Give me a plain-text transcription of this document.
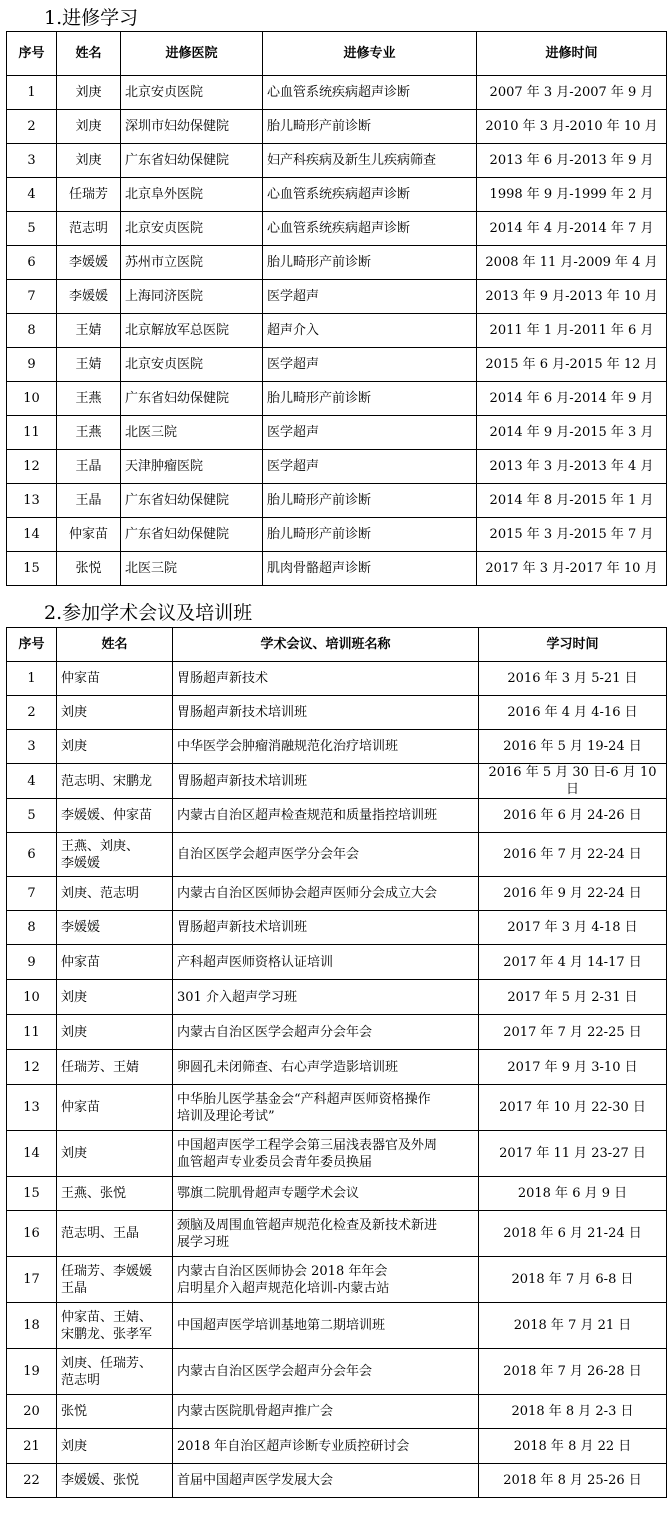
1.进修学习
序号	姓名	进修医院	进修专业	进修时间

1	刘庚	北京安贞医院	心血管系统疾病超声诊断	2007 年 3 月-2007 年 9 月

2	刘庚	深圳市妇幼保健院	胎儿畸形产前诊断	2010 年 3 月-2010 年 10 月

3	刘庚	广东省妇幼保健院	妇产科疾病及新生儿疾病筛查	2013 年 6 月-2013 年 9 月

4	任瑞芳	北京阜外医院	心血管系统疾病超声诊断	1998 年 9 月-1999 年 2 月

5	范志明	北京安贞医院	心血管系统疾病超声诊断	2014 年 4 月-2014 年 7 月

6	李媛媛	苏州市立医院	胎儿畸形产前诊断	2008 年 11 月-2009 年 4 月

7	李媛媛	上海同济医院	医学超声	2013 年 9 月-2013 年 10 月

8	王婧	北京解放军总医院	超声介入	2011 年 1 月-2011 年 6 月

9	王婧	北京安贞医院	医学超声	2015 年 6 月-2015 年 12 月

10	王燕	广东省妇幼保健院	胎儿畸形产前诊断	2014 年 6 月-2014 年 9 月

11	王燕	北医三院	医学超声	2014 年 9 月-2015 年 3 月

12	王晶	天津肿瘤医院	医学超声	2013 年 3 月-2013 年 4 月

13	王晶	广东省妇幼保健院	胎儿畸形产前诊断	2014 年 8 月-2015 年 1 月

14	仲家苗	广东省妇幼保健院	胎儿畸形产前诊断	2015 年 3 月-2015 年 7 月

15	张悦	北医三院	肌肉骨骼超声诊断	2017 年 3 月-2017 年 10 月
2.参加学术会议及培训班
序号	姓名	学术会议、培训班名称	学习时间

1	仲家苗	胃肠超声新技术	2016 年 3 月 5-21 日

2	刘庚	胃肠超声新技术培训班	2016 年 4 月 4-16 日

3	刘庚	中华医学会肿瘤消融规范化治疗培训班	2016 年 5 月 19-24 日

4	范志明、宋鹏龙	胃肠超声新技术培训班	2016 年 5 月 30 日-6 月 10 日

5	李媛媛、仲家苗	内蒙古自治区超声检查规范和质量指控培训班	2016 年 6 月 24-26 日

6	王燕、刘庚、
李媛媛	自治区医学会超声医学分会年会	2016 年 7 月 22-24 日

7	刘庚、范志明	内蒙古自治区医师协会超声医师分会成立大会	2016 年 9 月 22-24 日

8	李媛媛	胃肠超声新技术培训班	2017 年 3 月 4-18 日

9	仲家苗	产科超声医师资格认证培训	2017 年 4 月 14-17 日

10	刘庚	301 介入超声学习班	2017 年 5 月 2-31 日

11	刘庚	内蒙古自治区医学会超声分会年会	2017 年 7 月 22-25 日

12	任瑞芳、王婧	卵圆孔未闭筛查、右心声学造影培训班	2017 年 9 月 3-10 日

13	仲家苗	中华胎儿医学基金会“产科超声医师资格操作
培训及理论考试”	2017 年 10 月 22-30 日

14	刘庚	中国超声医学工程学会第三届浅表器官及外周
血管超声专业委员会青年委员换届	2017 年 11 月 23-27 日

15	王燕、张悦	鄂旗二院肌骨超声专题学术会议	2018 年 6 月 9 日

16	范志明、王晶	颈脑及周围血管超声规范化检查及新技术新进
展学习班	2018 年 6 月 21-24 日

17	任瑞芳、李媛媛
王晶	内蒙古自治区医师协会 2018 年年会
启明星介入超声规范化培训-内蒙古站	2018 年 7 月 6-8 日

18	仲家苗、王婧、
宋鹏龙、张孝军	中国超声医学培训基地第二期培训班	2018 年 7 月 21 日

19	刘庚、任瑞芳、
范志明	内蒙古自治区医学会超声分会年会	2018 年 7 月 26-28 日

20	张悦	内蒙古医院肌骨超声推广会	2018 年 8 月 2-3 日

21	刘庚	2018 年自治区超声诊断专业质控研讨会	2018 年 8 月 22 日

22	李媛媛、张悦	首届中国超声医学发展大会	2018 年 8 月 25-26 日
